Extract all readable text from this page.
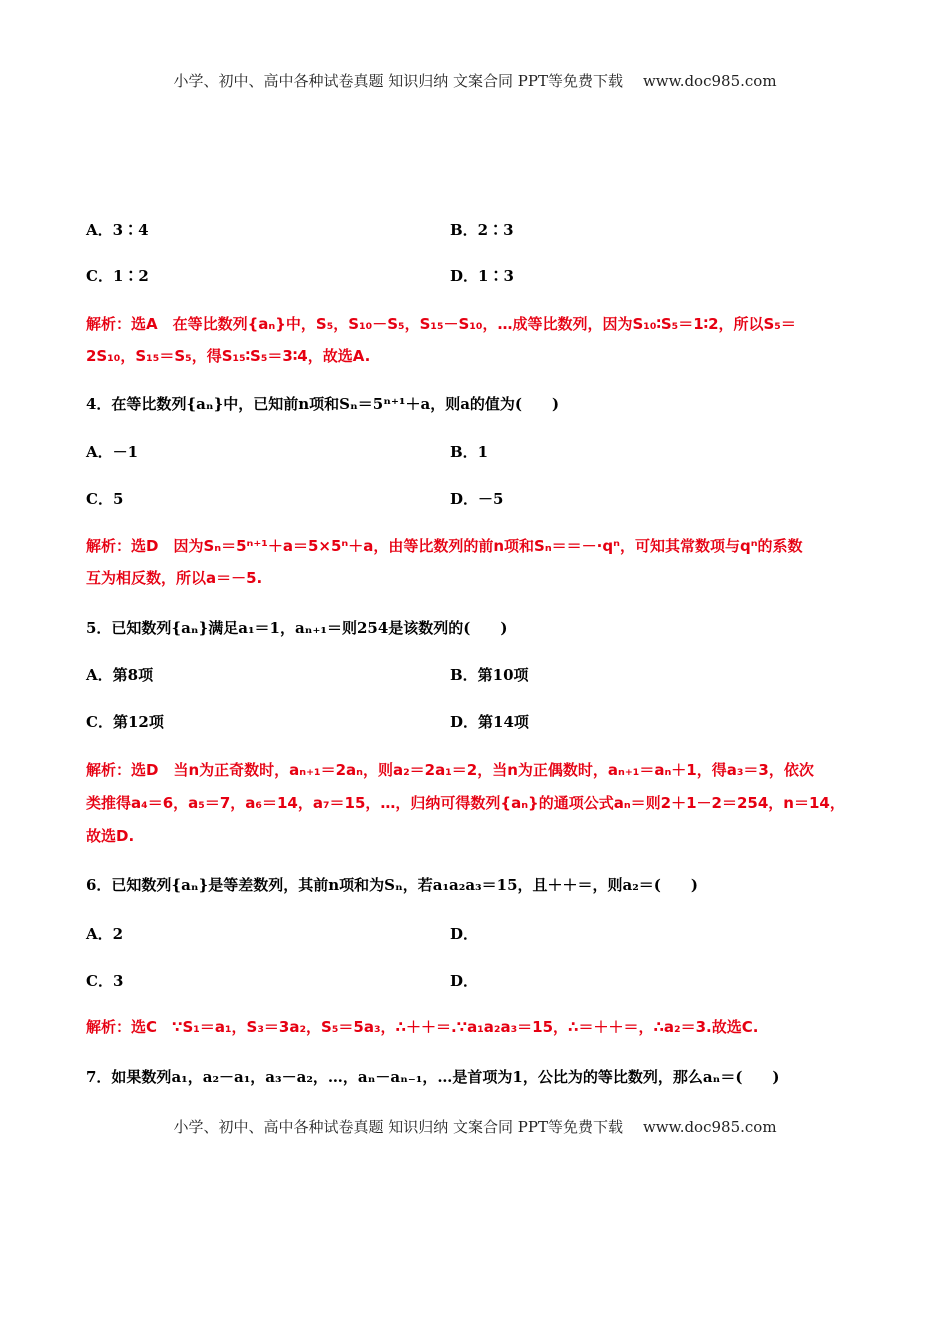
小学、初中、高中各种试卷真题 知识归纳 文案合同 PPT等免费下载 www.doc985.com
A．3∶4	B．2∶3
C．1∶2	D．1∶3
解析：选A　在等比数列{aₙ}中，S₅，S₁₀－S₅，S₁₅－S₁₀，…成等比数列，因为S₁₀∶S₅＝1∶2，所以S₅＝
2S₁₀，S₁₅＝S₅，得S₁₅∶S₅＝3∶4，故选A.
4．在等比数列{aₙ}中，已知前n项和Sₙ＝5ⁿ⁺¹＋a，则a的值为(　　)
A．－1	B．1
C．5	D．－5
解析：选D　因为Sₙ＝5ⁿ⁺¹＋a＝5×5ⁿ＋a，由等比数列的前n项和Sₙ＝＝－·qⁿ，可知其常数项与qⁿ的系数
互为相反数，所以a＝－5.
5．已知数列{aₙ}满足a₁＝1，aₙ₊₁＝则254是该数列的(　　)
A．第8项	B．第10项
C．第12项	D．第14项
解析：选D　当n为正奇数时，aₙ₊₁＝2aₙ，则a₂＝2a₁＝2，当n为正偶数时，aₙ₊₁＝aₙ＋1，得a₃＝3，依次
类推得a₄＝6，a₅＝7，a₆＝14，a₇＝15，…，归纳可得数列{aₙ}的通项公式aₙ＝则2＋1－2＝254，n＝14，
故选D.
6．已知数列{aₙ}是等差数列，其前n项和为Sₙ，若a₁a₂a₃＝15，且＋＋＝，则a₂＝(　　)
A．2	D．
C．3	D．
解析：选C　∵S₁＝a₁，S₃＝3a₂，S₅＝5a₃，∴＋＋＝.∵a₁a₂a₃＝15，∴＝＋＋＝，∴a₂＝3.故选C.
7．如果数列a₁，a₂－a₁，a₃－a₂，…，aₙ－aₙ₋₁，…是首项为1，公比为的等比数列，那么aₙ＝(　　)
小学、初中、高中各种试卷真题 知识归纳 文案合同 PPT等免费下载 www.doc985.com
